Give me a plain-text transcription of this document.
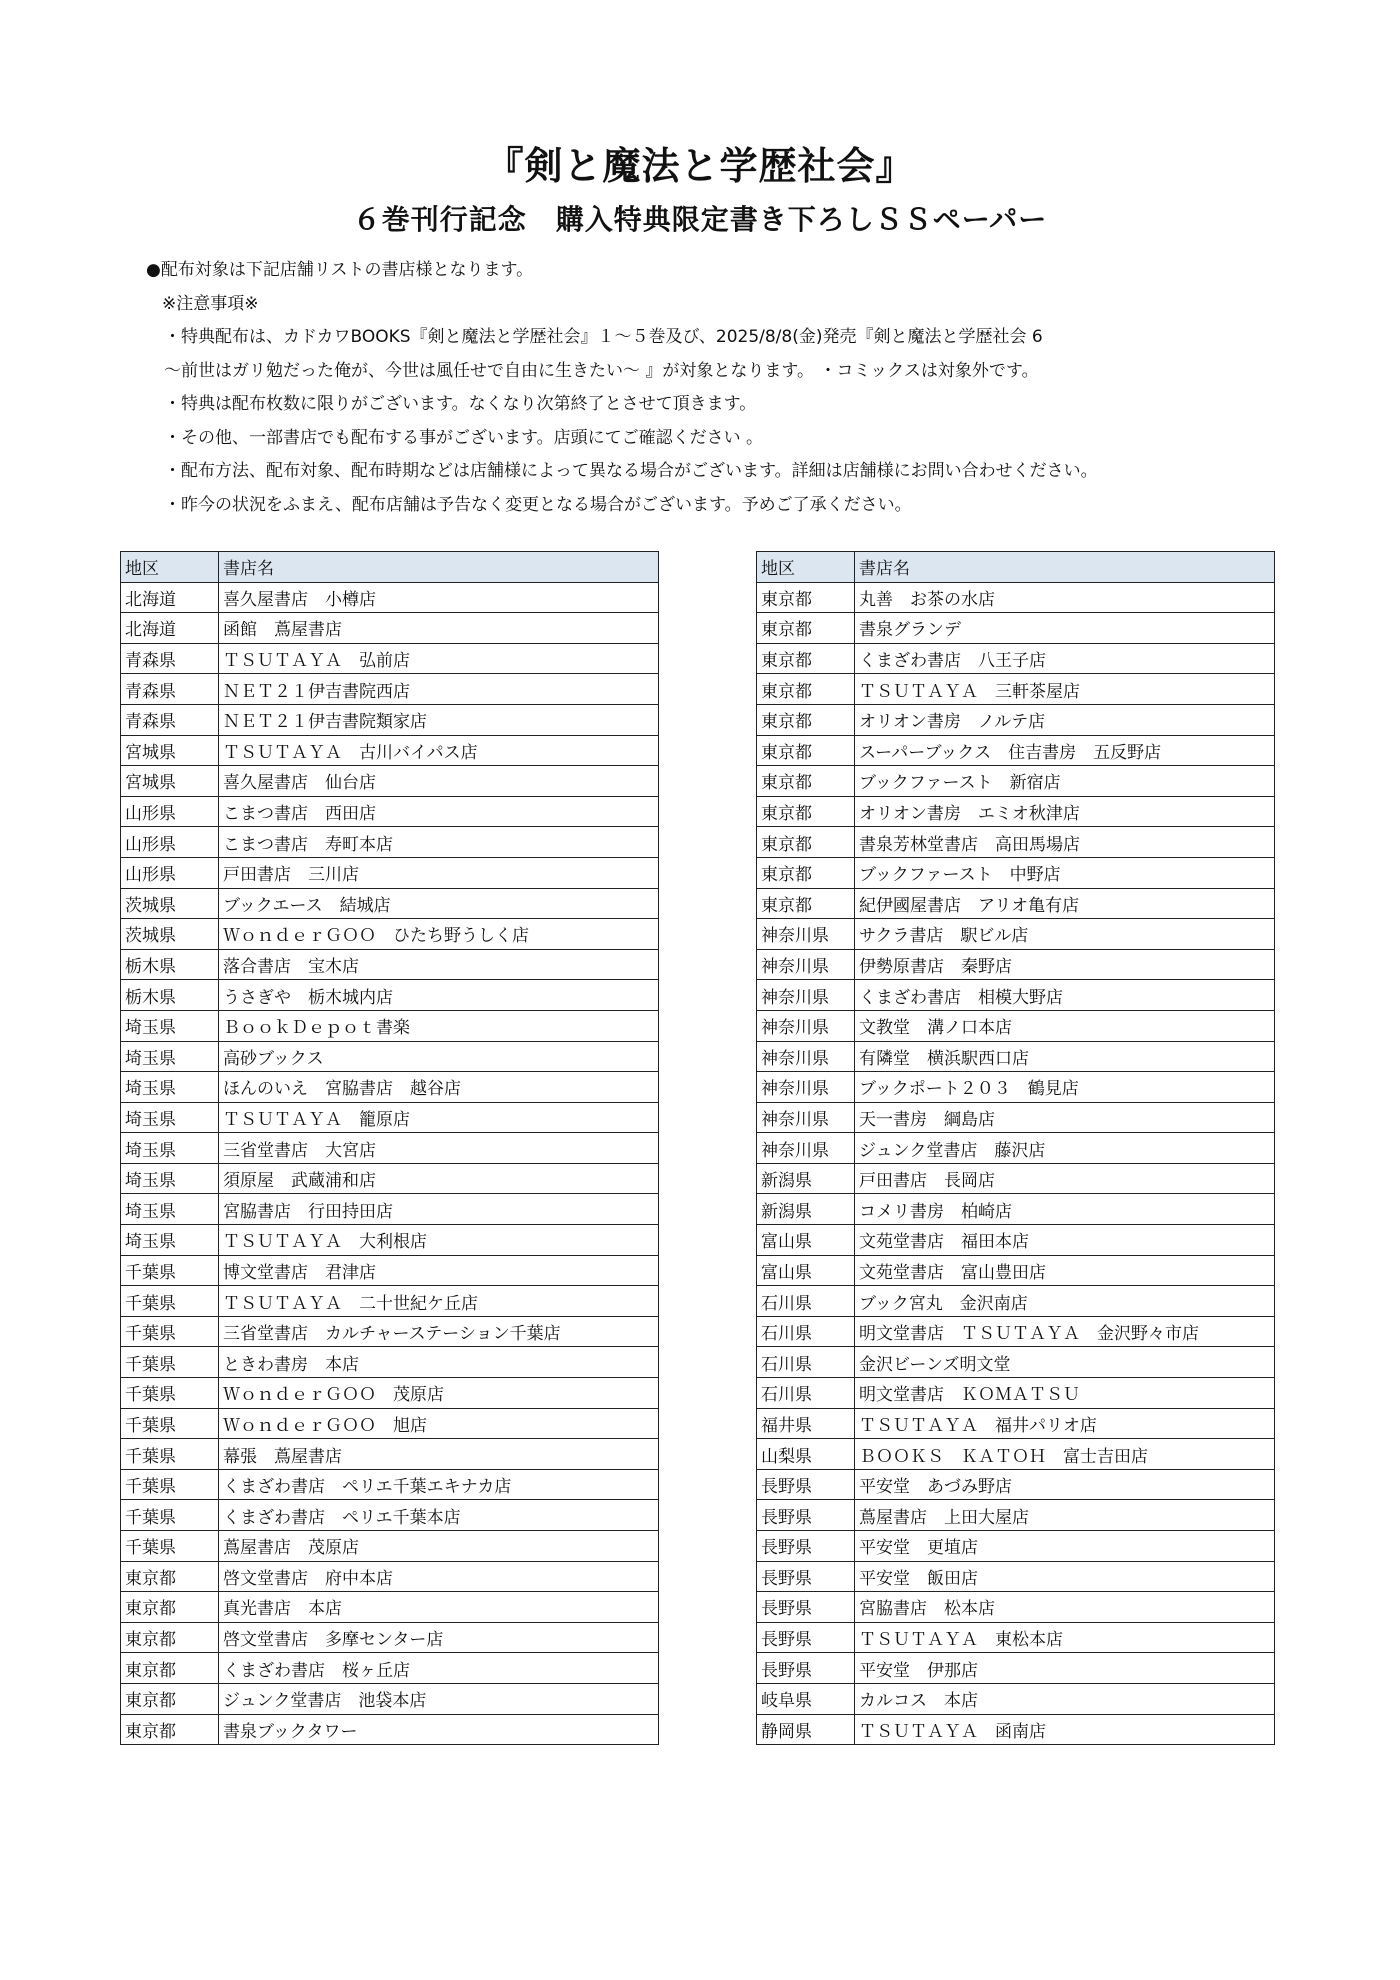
『剣と魔法と学歴社会』
６巻刊行記念　購入特典限定書き下ろしＳＳペーパー
●配布対象は下記店舗リストの書店様となります。
※注意事項※
・特典配布は、カドカワBOOKS『剣と魔法と学歴社会』１～５巻及び、2025/8/8(金)発売『剣と魔法と学歴社会 6
～前世はガリ勉だった俺が、今世は風任せで自由に生きたい～ 』が対象となります。 ・コミックスは対象外です。
・特典は配布枚数に限りがございます。なくなり次第終了とさせて頂きます。
・その他、一部書店でも配布する事がございます。店頭にてご確認ください 。
・配布方法、配布対象、配布時期などは店舗様によって異なる場合がございます。詳細は店舗様にお問い合わせください。
・昨今の状況をふまえ、配布店舗は予告なく変更となる場合がございます。予めご了承ください。
地区	書店名
北海道	喜久屋書店　小樽店
北海道	函館　蔦屋書店
青森県	ＴＳＵＴＡＹＡ　弘前店
青森県	ＮＥＴ２１伊吉書院西店
青森県	ＮＥＴ２１伊吉書院類家店
宮城県	ＴＳＵＴＡＹＡ　古川バイパス店
宮城県	喜久屋書店　仙台店
山形県	こまつ書店　西田店
山形県	こまつ書店　寿町本店
山形県	戸田書店　三川店
茨城県	ブックエース　結城店
茨城県	ＷｏｎｄｅｒＧＯＯ　ひたち野うしく店
栃木県	落合書店　宝木店
栃木県	うさぎや　栃木城内店
埼玉県	ＢｏｏｋＤｅｐｏｔ書楽
埼玉県	高砂ブックス
埼玉県	ほんのいえ　宮脇書店　越谷店
埼玉県	ＴＳＵＴＡＹＡ　籠原店
埼玉県	三省堂書店　大宮店
埼玉県	須原屋　武蔵浦和店
埼玉県	宮脇書店　行田持田店
埼玉県	ＴＳＵＴＡＹＡ　大利根店
千葉県	博文堂書店　君津店
千葉県	ＴＳＵＴＡＹＡ　二十世紀ケ丘店
千葉県	三省堂書店　カルチャーステーション千葉店
千葉県	ときわ書房　本店
千葉県	ＷｏｎｄｅｒＧＯＯ　茂原店
千葉県	ＷｏｎｄｅｒＧＯＯ　旭店
千葉県	幕張　蔦屋書店
千葉県	くまざわ書店　ペリエ千葉エキナカ店
千葉県	くまざわ書店　ペリエ千葉本店
千葉県	蔦屋書店　茂原店
東京都	啓文堂書店　府中本店
東京都	真光書店　本店
東京都	啓文堂書店　多摩センター店
東京都	くまざわ書店　桜ヶ丘店
東京都	ジュンク堂書店　池袋本店
東京都	書泉ブックタワー
地区	書店名
東京都	丸善　お茶の水店
東京都	書泉グランデ
東京都	くまざわ書店　八王子店
東京都	ＴＳＵＴＡＹＡ　三軒茶屋店
東京都	オリオン書房　ノルテ店
東京都	スーパーブックス　住吉書房　五反野店
東京都	ブックファースト　新宿店
東京都	オリオン書房　エミオ秋津店
東京都	書泉芳林堂書店　高田馬場店
東京都	ブックファースト　中野店
東京都	紀伊國屋書店　アリオ亀有店
神奈川県	サクラ書店　駅ビル店
神奈川県	伊勢原書店　秦野店
神奈川県	くまざわ書店　相模大野店
神奈川県	文教堂　溝ノ口本店
神奈川県	有隣堂　横浜駅西口店
神奈川県	ブックポート２０３　鶴見店
神奈川県	天一書房　綱島店
神奈川県	ジュンク堂書店　藤沢店
新潟県	戸田書店　長岡店
新潟県	コメリ書房　柏崎店
富山県	文苑堂書店　福田本店
富山県	文苑堂書店　富山豊田店
石川県	ブック宮丸　金沢南店
石川県	明文堂書店　ＴＳＵＴＡＹＡ　金沢野々市店
石川県	金沢ビーンズ明文堂
石川県	明文堂書店　ＫＯＭＡＴＳＵ
福井県	ＴＳＵＴＡＹＡ　福井パリオ店
山梨県	ＢＯＯＫＳ　ＫＡＴＯＨ　富士吉田店
長野県	平安堂　あづみ野店
長野県	蔦屋書店　上田大屋店
長野県	平安堂　更埴店
長野県	平安堂　飯田店
長野県	宮脇書店　松本店
長野県	ＴＳＵＴＡＹＡ　東松本店
長野県	平安堂　伊那店
岐阜県	カルコス　本店
静岡県	ＴＳＵＴＡＹＡ　函南店
